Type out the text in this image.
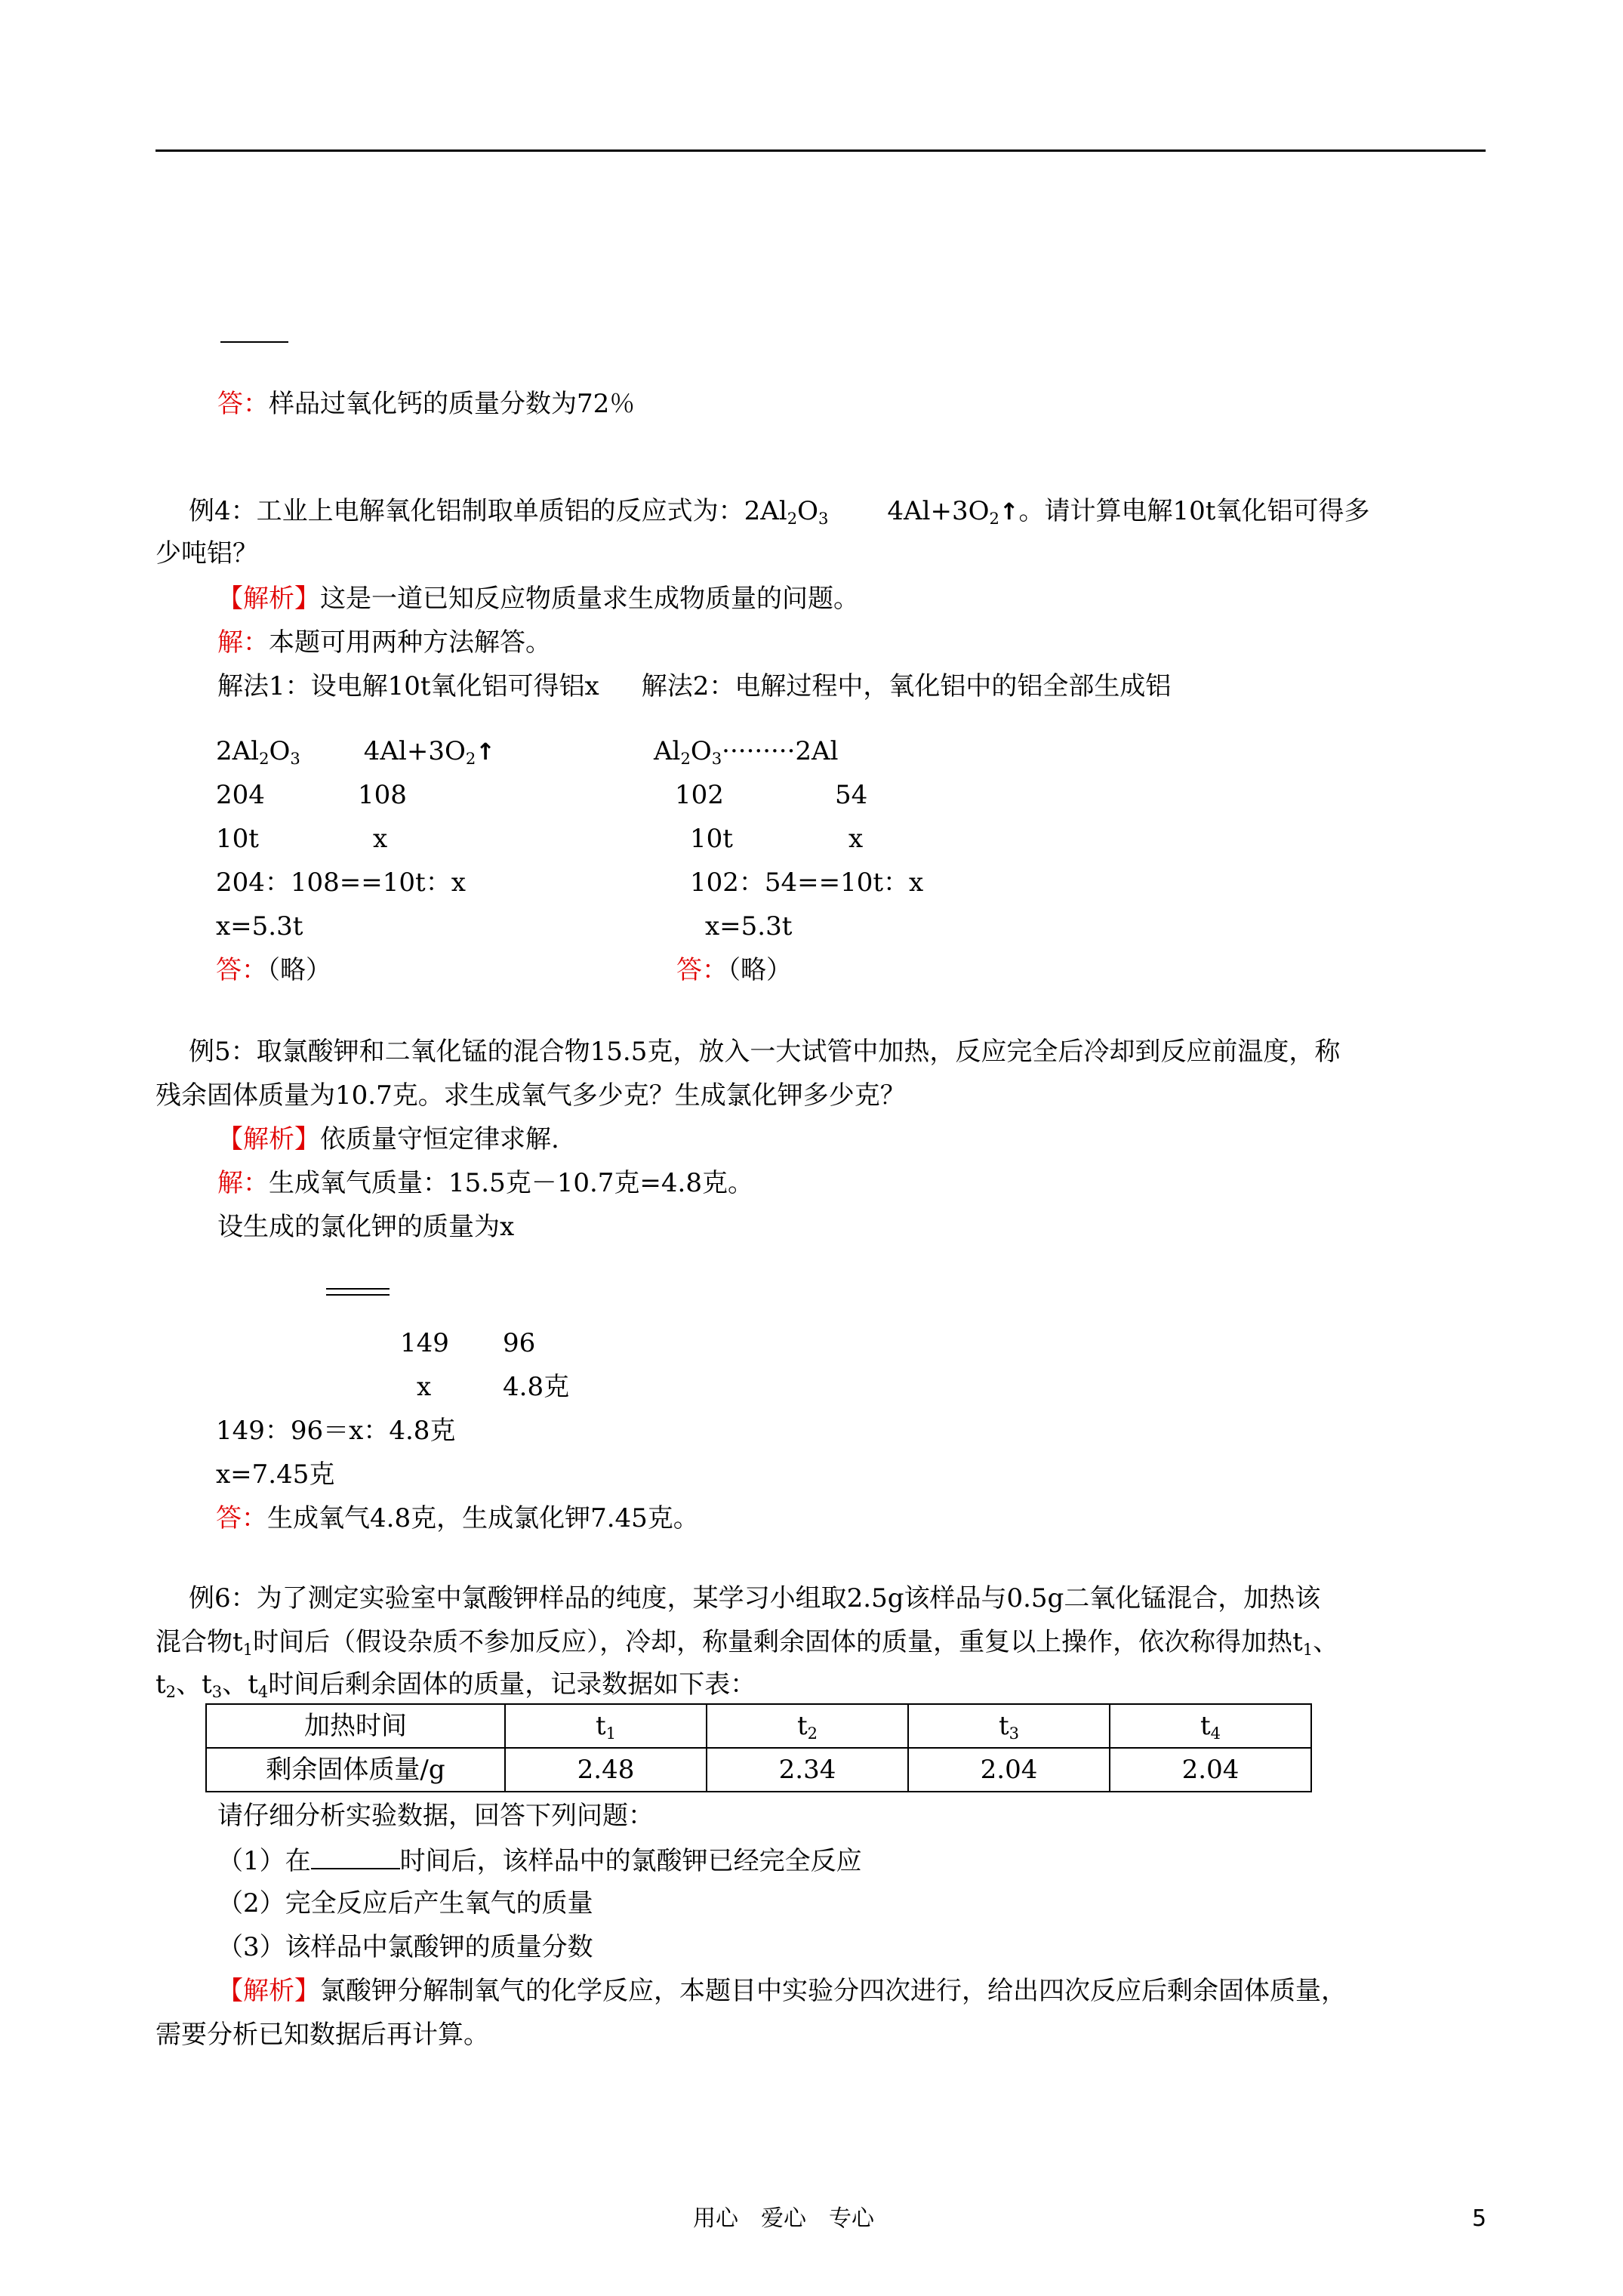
答：样品过氧化钙的质量分数为72％
例4：工业上电解氧化铝制取单质铝的反应式为：$2Al_2O_3$ $4Al+3O_2↑$。请计算电解10t氧化铝可得多
少吨铝？
【解析】这是一道已知反应物质量求生成物质量的问题。
解：本题可用两种方法解答。
解法1：设电解10t氧化铝可得铝x 解法2：电解过程中，氧化铝中的铝全部生成铝
$2Al_2O_3$ $4Al+3O_2↑$
204	108
10t	x
204：108==10t：x
x=5.3t
答：（略）
$Al_2O_3\cdot\cdot\cdot\cdot\cdot\cdot\cdot\cdot\cdot 2Al$
102	54
10t	x
102：54==10t：x
x=5.3t
答：（略）
例5：取氯酸钾和二氧化锰的混合物15.5克，放入一大试管中加热，反应完全后冷却到反应前温度，称
残余固体质量为10.7克。求生成氧气多少克？生成氯化钾多少克？
【解析】依质量守恒定律求解.
解：生成氧气质量：15.5克－10.7克=4.8克。
设生成的氯化钾的质量为x
149 96
x	4.8克
149：96＝x：4.8克
x=7.45克
答：生成氧气4.8克，生成氯化钾7.45克。
例6：为了测定实验室中氯酸钾样品的纯度，某学习小组取2.5g该样品与0.5g二氧化锰混合，加热该
混合物$t_1$时间后（假设杂质不参加反应），冷却，称量剩余固体的质量，重复以上操作，依次称得加热$t_1$、
$t_2$、$t_3$、$t_4$时间后剩余固体的质量，记录数据如下表：
加热时间	$t_1$	$t_2$	$t_3$	$t_4$
剩余固体质量/g	2.48	2.34	2.04	2.04
请仔细分析实验数据，回答下列问题：
（1）在	时间后，该样品中的氯酸钾已经完全反应
（2）完全反应后产生氧气的质量
（3）该样品中氯酸钾的质量分数
【解析】氯酸钾分解制氧气的化学反应，本题目中实验分四次进行，给出四次反应后剩余固体质量，
需要分析已知数据后再计算。
用心　爱心　专心	5
